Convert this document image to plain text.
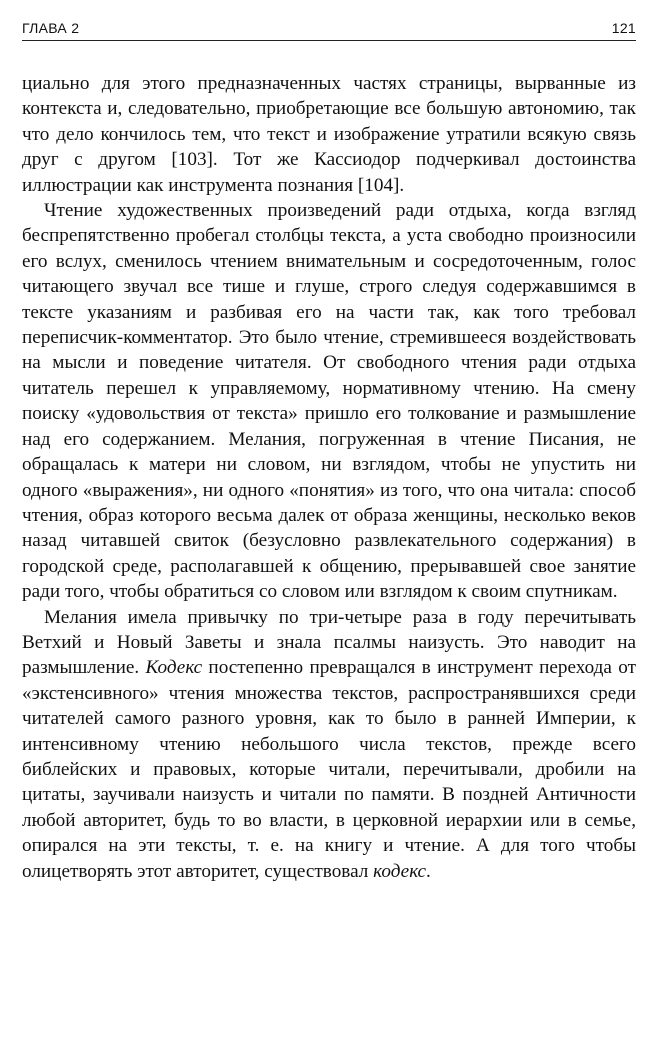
ГЛАВА 2	121

циально для этого предназначенных частях страницы, вырванные из контекста и, следовательно, приобретающие все большую автономию, так что дело кончилось тем, что текст и изображение утратили всякую связь друг с другом [103]. Тот же Кассиодор подчеркивал достоинства иллюстрации как инструмента познания [104].

Чтение художественных произведений ради отдыха, когда взгляд беспрепятственно пробегал столбцы текста, а уста свободно произносили его вслух, сменилось чтением внимательным и сосредоточенным, голос читающего звучал все тише и глуше, строго следуя содержавшимся в тексте указаниям и разбивая его на части так, как того требовал переписчик-комментатор. Это было чтение, стремившееся воздействовать на мысли и поведение читателя. От свободного чтения ради отдыха читатель перешел к управляемому, нормативному чтению. На смену поиску «удовольствия от текста» пришло его толкование и размышление над его содержанием. Мелания, погруженная в чтение Писания, не обращалась к матери ни словом, ни взглядом, чтобы не упустить ни одного «выражения», ни одного «понятия» из того, что она читала: способ чтения, образ которого весьма далек от образа женщины, несколько веков назад читавшей свиток (безусловно развлекательного содержания) в городской среде, располагавшей к общению, прерывавшей свое занятие ради того, чтобы обратиться со словом или взглядом к своим спутникам.

Мелания имела привычку по три-четыре раза в году перечитывать Ветхий и Новый Заветы и знала псалмы наизусть. Это наводит на размышление. Кодекс постепенно превращался в инструмент перехода от «экстенсивного» чтения множества текстов, распространявшихся среди читателей самого разного уровня, как то было в ранней Империи, к интенсивному чтению небольшого числа текстов, прежде всего библейских и правовых, которые читали, перечитывали, дробили на цитаты, заучивали наизусть и читали по памяти. В поздней Античности любой авторитет, будь то во власти, в церковной иерархии или в семье, опирался на эти тексты, т. е. на книгу и чтение. А для того чтобы олицетворять этот авторитет, существовал кодекс.
